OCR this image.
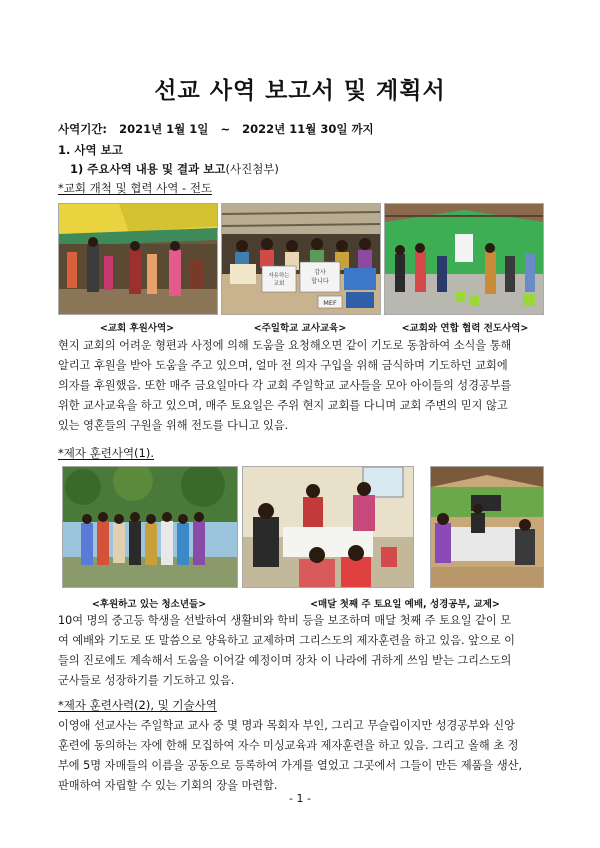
선교 사역 보고서 및 계획서
사역기간: 2021년 1월 1일 ~ 2022년 11월 30일 까지
1. 사역 보고
1) 주요사역 내용 및 결과 보고(사진첨부)
*교회 개척 및 협력 사역 - 전도
자유하는
교회
감사
합니다
MEF
<교회 후원사역>	<주일학교 교사교육>	<교회와 연합 협력 전도사역>
현지 교회의 어려운 형편과 사정에 의해 도움을 요청해오면 같이 기도로 동참하여 소식을 통해
알리고 후원을 받아 도움을 주고 있으며, 얼마 전 의자 구입을 위해 금식하며 기도하던 교회에
의자를 후원했음. 또한 매주 금요일마다 각 교회 주일학교 교사들을 모아 아이들의 성경공부를
위한 교사교육을 하고 있으며, 매주 토요일은 주위 현지 교회를 다니며 교회 주변의 믿지 않고
있는 영혼들의 구원을 위해 전도를 다니고 있음.
*제자 훈련사역(1).
<후원하고 있는 청소년들>	<매달 첫째 주 토요일 예배, 성경공부, 교제>
10여 명의 중고등 학생을 선발하여 생활비와 학비 등을 보조하며 매달 첫째 주 토요일 같이 모
여 예배와 기도로 또 말씀으로 양육하고 교제하며 그리스도의 제자훈련을 하고 있음. 앞으로 이
들의 진로에도 계속해서 도움을 이어갈 예정이며 장차 이 나라에 귀하게 쓰임 받는 그리스도의
군사들로 성장하기를 기도하고 있음.
*제자 훈련사력(2), 및 기술사역
이영애 선교사는 주일학교 교사 중 몇 명과 목회자 부인, 그리고 무슬림이지만 성경공부와 신앙
훈련에 동의하는 자에 한해 모집하여 자수 미싱교육과 제자훈련을 하고 있음. 그리고 올해 초 정
부에 5명 자매들의 이름을 공동으로 등록하여 가게를 열었고 그곳에서 그들이 만든 제품을 생산,
판매하여 자립할 수 있는 기회의 장을 마련함.
- 1 -
